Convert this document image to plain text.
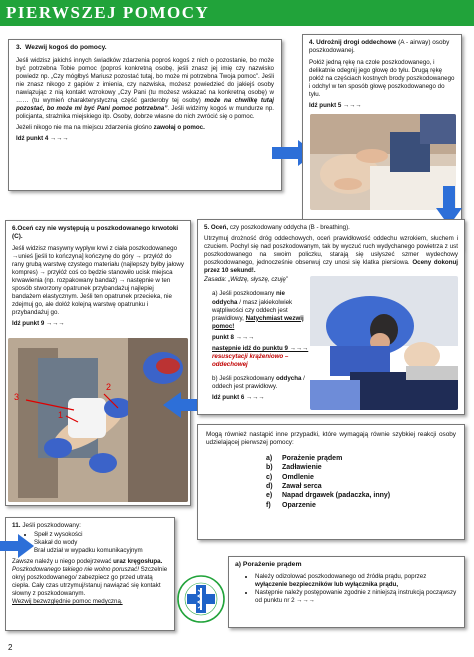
PIERWSZEJ POMOCY

3. Wezwij kogoś do pomocy.

Jeśli widzisz jakichś innych świadków zdarzenia poproś kogoś z nich o pozostanie, bo może być potrzebna Tobie pomoc (poproś konkretną osobę, jeśli znasz jej imię czy nazwisko powiedz np. „Czy mógłbyś Mariusz pozostać tutaj, bo może mi potrzebna Twoja pomoc”. Jeśli nie znasz nikogo z gapiów z imienia, czy nazwiska, możesz powiedzieć do jakiejś osoby nawiązując z nią kontakt wzrokowy „Czy Pani (tu możesz wskazać na konkretną osobę) w …… (tu wymień charakterystyczną część garderoby tej osoby) może na chwilkę tutaj pozostać, bo może mi być Pani pomoc potrzebna”. Jeśli widzimy kogoś w mundurze np. policjanta, strażnika miejskiego itp. Osoby, dobrze własne do nich zwrócić się o pomoc.

Jeżeli nikogo nie ma na miejscu zdarzenia głośno zawołaj o pomoc.

Idź punkt 4 →→→

4. Udrożnij drogi oddechowe (A - airway) osoby poszkodowanej.

Połóż jedną rękę na czole poszkodowanego, i delikatnie odegnij jego głowę do tyłu. Drugą rękę połóż na częściach kostnych brody poszkodowanego i odchyl w ten sposób głowę poszkodowanego do tyłu.

Idź punkt 5 →→→

6.Oceń czy nie występują u poszkodowanego krwotoki (C).

Jeśli widzisz masywny wypływ krwi z ciała poszkodowanego →unieś [jeśli to kończyna] kończynę do góry → przyłóż do rany grubą warstwę czystego materiału (najlepszy byłby jałowy kompres) → przyłóż coś co będzie stanowiło ucisk miejsca krwawienia (np. rozpakowany bandaż) → następnie w ten sposób stworzony opatrunek przybandażuj najlepiej bandażem elastycznym. Jeśli ten opatrunek przecieka, nie zdejmuj go, ale dołóż kolejną warstwę opatrunku i przybandażuj go.

Idź punkt 9 →→→

3
1
2

5. Oceń, czy poszkodowany oddycha (B - breathing).

Utrzymuj drożność dróg oddechowych, oceń prawidłowość oddechu wzrokiem, słuchem i czuciem. Pochyl się nad poszkodowanym, tak by wyczuć ruch wydychanego powietrza z ust poszkodowanego na swoim policzku, starają się usłyszeć szmer wydechowy poszkodowanego, jednocześnie obserwuj czy unosi się klatka piersiowa. Oceny dokonuj przez 10 sekund!.

Zasada: „Widzę, słyszę, czuję”

a) Jeśli poszkodowany nie oddycha / masz jakiekolwiek wątpliwości czy oddech jest prawidłowy, Natychmiast wezwij pomoc!

punkt 8 →→→

następnie idź do punktu 9 →→→ resuscytacji krążeniowo – oddechowej

b) Jeśli poszkodowany oddycha / oddech jest prawidłowy.

Idź punkt 6 →→→

Mogą również nastąpić inne przypadki, które wymagają równie szybkiej reakcji osoby udzielającej pierwszej pomocy:

a) Porażenie prądem
b) Zadławienie
c) Omdlenie
d) Zawał serca
e) Napad drgawek (padaczka, inny)
f) Oparzenie

11. Jeśli poszkodowany:

• Spełł z wysokości
• Skakał do wody
• Brał udział w wypadku komunikacyjnym

Zawsze należy u niego podejrzewać uraz kręgosłupa. Poszkodowanego takiego nie wolno poruszać! Szczelnie okryj poszkodowanego/ zabezpiecz go przed utratą ciepła. Cały czas utrzymuj/stanuj nawiązać się kontakt słowny z poszkodowanym.

Wezwij bezwzględnie pomoc medyczną.

a) Porażenie prądem

• Należy odizolować poszkodowanego od źródła prądu, poprzez wyłączenie bezpieczników lub wyłącznika prądu,
• Następnie należy postępowanie zgodnie z niniejszą instrukcją począwszy od punktu nr 2 →→→
2
